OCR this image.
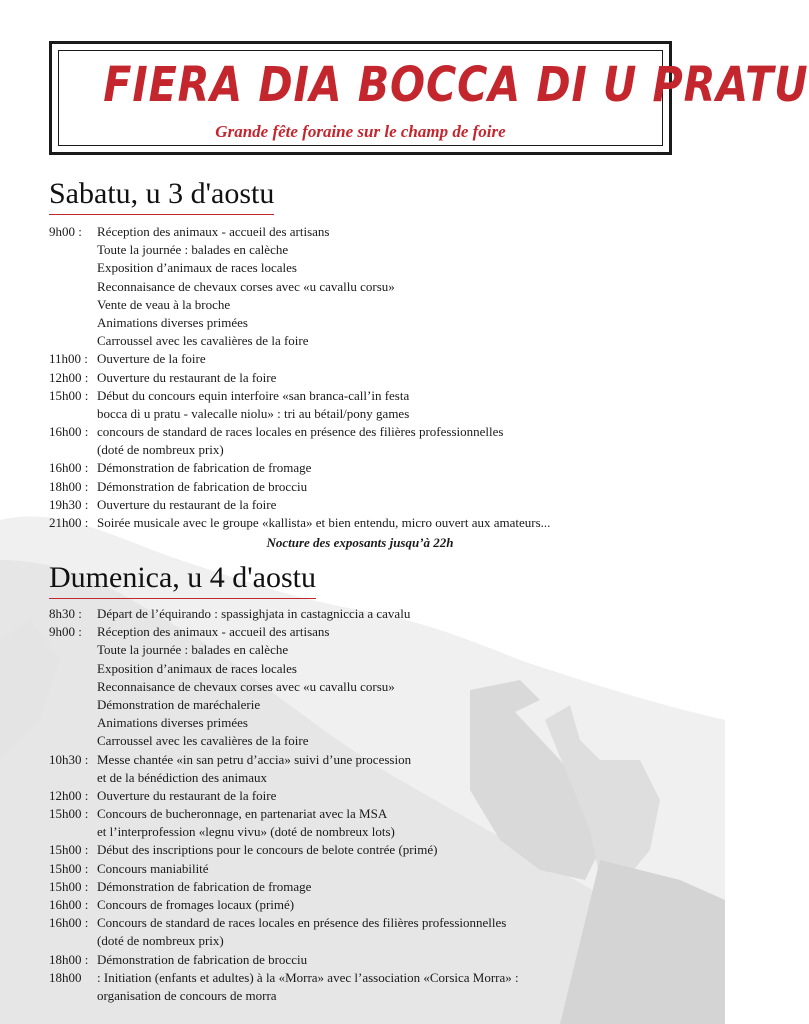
FIERA DIA BOCCA DI U PRATU
Grande fête foraine sur le champ de foire
Sabatu, u 3 d'aostu
9h00 : Réception des animaux - accueil des artisans
Toute la journée : balades en calèche
Exposition d’animaux de races locales
Reconnaisance de chevaux corses avec «u cavallu corsu»
Vente de veau à la broche
Animations diverses primées
Carroussel avec les cavalières de la foire
11h00 : Ouverture de la foire
12h00 : Ouverture du restaurant de la foire
15h00 : Début du concours equin interfoire «san branca-call’in festa
bocca di u pratu - valecalle niolu» : tri au bétail/pony games
16h00 : concours de standard de races locales en présence des filières professionnelles
(doté de nombreux prix)
16h00 : Démonstration de fabrication de fromage
18h00 : Démonstration de fabrication de brocciu
19h30 : Ouverture du restaurant de la foire
21h00 : Soirée musicale avec le groupe «kallista» et bien entendu, micro ouvert aux amateurs...
Nocture des exposants jusqu’à 22h
Dumenica, u 4 d'aostu
8h30 : Départ de l’équirando : spassighjata in castagniccia a cavalu
9h00 : Réception des animaux - accueil des artisans
Toute la journée : balades en calèche
Exposition d’animaux de races locales
Reconnaisance de chevaux corses avec «u cavallu corsu»
Démonstration de maréchalerie
Animations diverses primées
Carroussel avec les cavalières de la foire
10h30 : Messe chantée «in san petru d’accia» suivi d’une procession
et de la bénédiction des animaux
12h00 : Ouverture du restaurant de la foire
15h00 : Concours de bucheronnage, en partenariat avec la MSA
et l’interprofession «legnu vivu» (doté de nombreux lots)
15h00 : Début des inscriptions pour le concours de belote contrée (primé)
15h00 : Concours maniabilité
15h00 : Démonstration de fabrication de fromage
16h00 : Concours de fromages locaux (primé)
16h00 : Concours de standard de races locales en présence des filières professionnelles
(doté de nombreux prix)
18h00 : Démonstration de fabrication de brocciu
18h00 : Initiation (enfants et adultes) à la «Morra» avec l’association «Corsica Morra» :
organisation de concours de morra
